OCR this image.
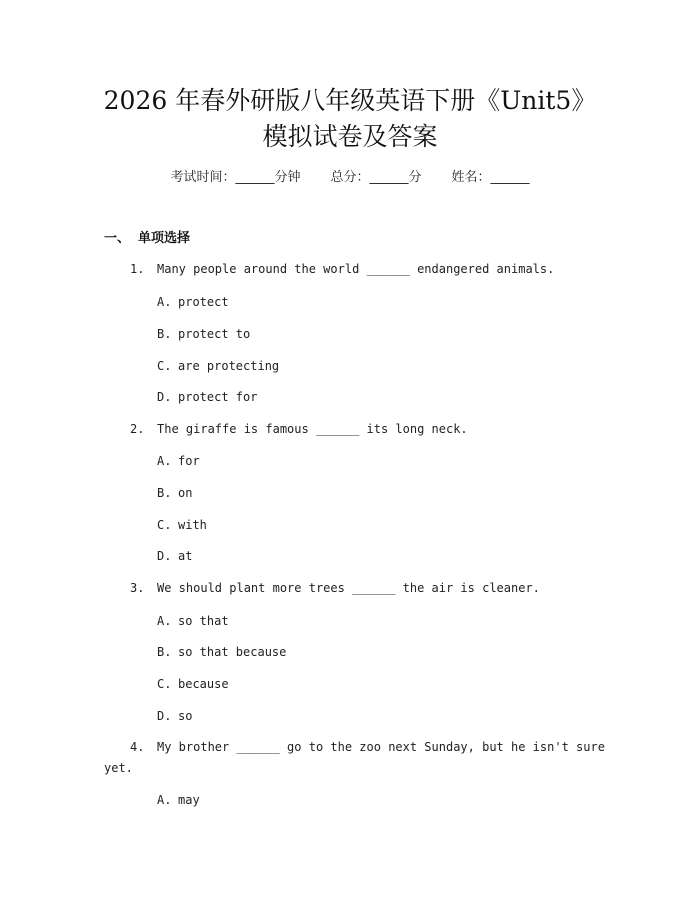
2026 年春外研版八年级英语下册《Unit5》
模拟试卷及答案
考试时间：______分钟 总分：______分 姓名：______
一、 单项选择
1. Many people around the world ______ endangered animals.
A. protect
B. protect to
C. are protecting
D. protect for
2. The giraffe is famous ______ its long neck.
A. for
B. on
C. with
D. at
3. We should plant more trees ______ the air is cleaner.
A. so that
B. so that because
C. because
D. so
4. My brother ______ go to the zoo next Sunday, but he isn't sure
yet.
A. may
